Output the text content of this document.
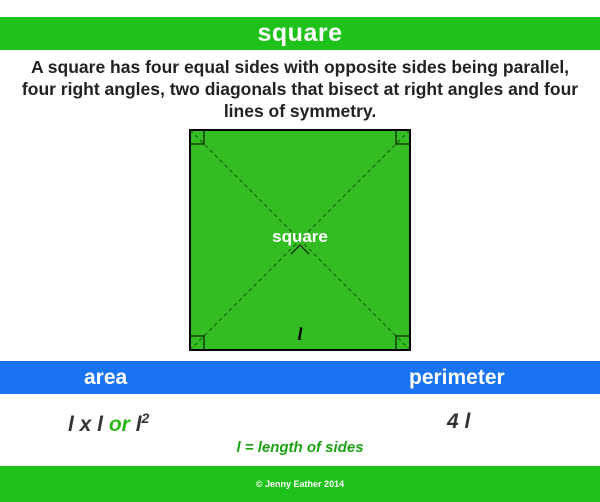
square
A square has four equal sides with opposite sides being parallel, four right angles, two diagonals that bisect at right angles and four lines of symmetry.
square
l
area	perimeter
l x l or $l^2$	4 l
l = length of sides
© Jenny Eather 2014
